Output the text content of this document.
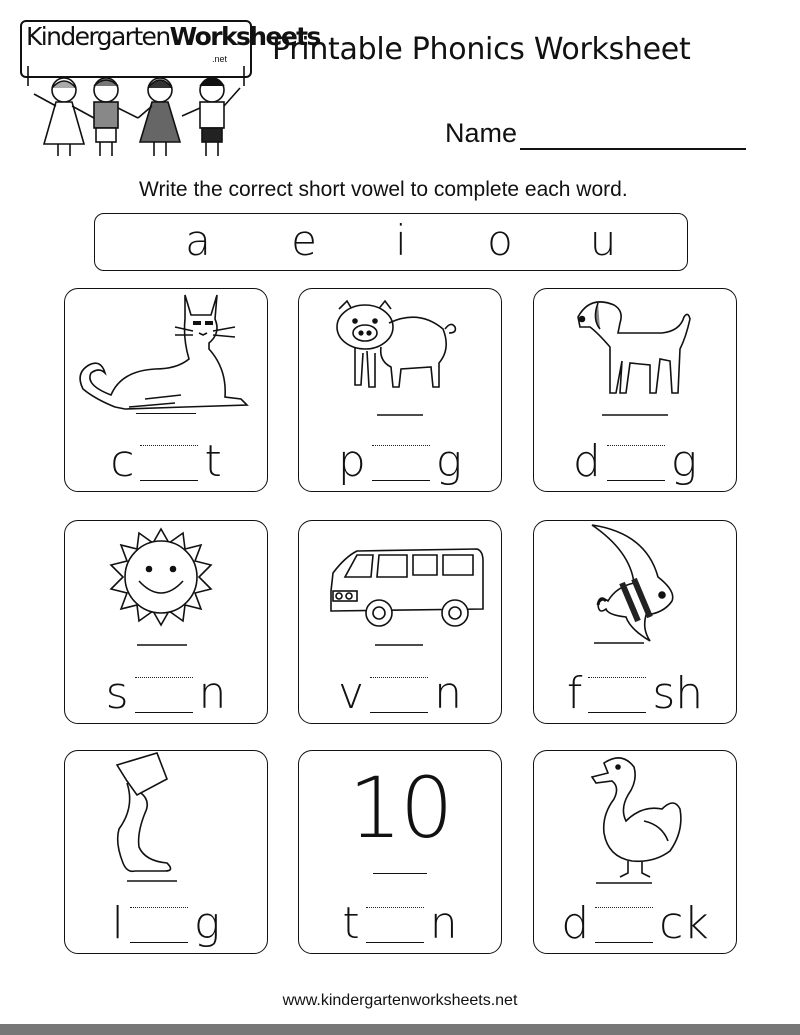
KindergartenWorksheets
.net Printable Phonics Worksheet
Name
Write the correct short vowel to complete each word.
a e i o u
c t	p g	d g
s n	v n f sh
l g
10
t n d ck
www.kindergartenworksheets.net
